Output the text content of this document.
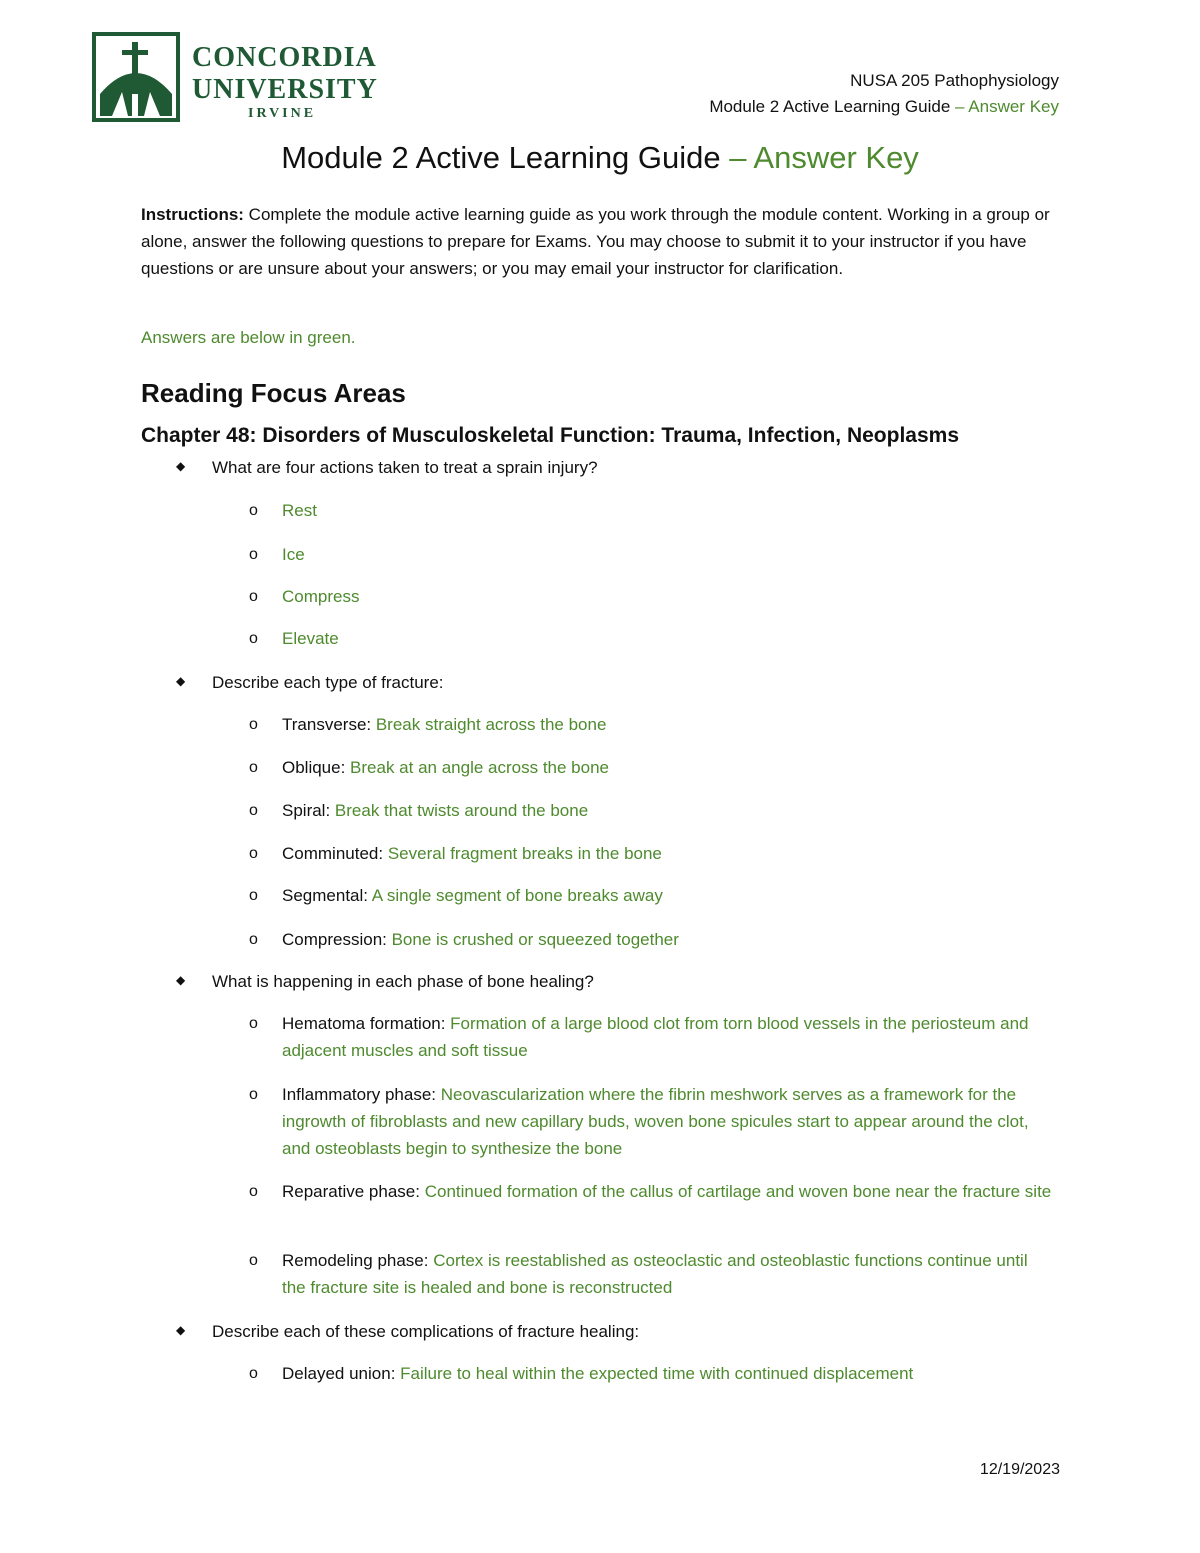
CONCORDIA
UNIVERSITY
IRVINE
NUSA 205 Pathophysiology
Module 2 Active Learning Guide – Answer Key
Module 2 Active Learning Guide – Answer Key

Instructions: Complete the module active learning guide as you work through the module content. Working in a group or alone, answer the following questions to prepare for Exams. You may choose to submit it to your instructor if you have questions or are unsure about your answers; or you may email your instructor for clarification.

Answers are below in green.

Reading Focus Areas
Chapter 48: Disorders of Musculoskeletal Function: Trauma, Infection, Neoplasms
◆ What are four actions taken to treat a sprain injury?
o Rest
o Ice
o Compress
o Elevate
◆ Describe each type of fracture:
o Transverse: Break straight across the bone
o Oblique: Break at an angle across the bone
o Spiral: Break that twists around the bone
o Comminuted: Several fragment breaks in the bone
o Segmental: A single segment of bone breaks away
o Compression: Bone is crushed or squeezed together
◆ What is happening in each phase of bone healing?
o Hematoma formation: Formation of a large blood clot from torn blood vessels in the periosteum and adjacent muscles and soft tissue
o Inflammatory phase: Neovascularization where the fibrin meshwork serves as a framework for the ingrowth of fibroblasts and new capillary buds, woven bone spicules start to appear around the clot, and osteoblasts begin to synthesize the bone
o Reparative phase: Continued formation of the callus of cartilage and woven bone near the fracture site
o Remodeling phase: Cortex is reestablished as osteoclastic and osteoblastic functions continue until the fracture site is healed and bone is reconstructed
◆ Describe each of these complications of fracture healing:
o Delayed union: Failure to heal within the expected time with continued displacement
12/19/2023
